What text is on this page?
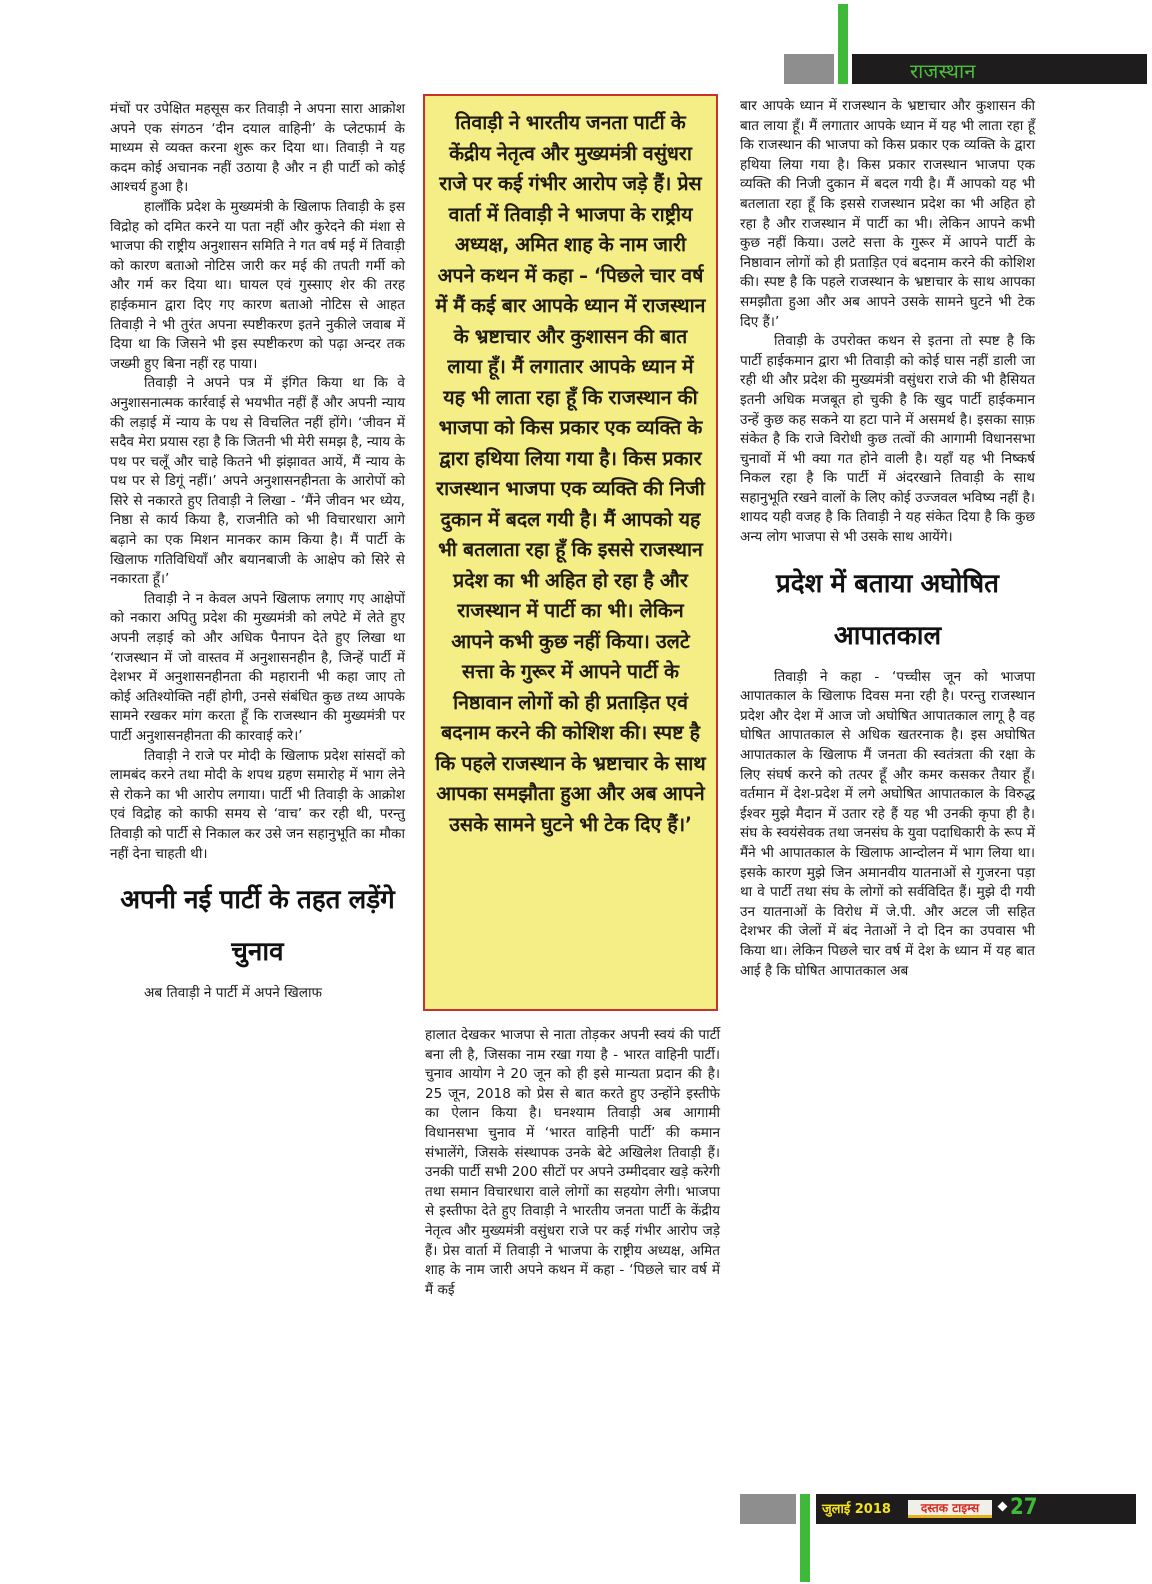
राजस्थान

मंचों पर उपेक्षित महसूस कर तिवाड़ी ने अपना सारा आक्रोश अपने एक संगठन ‘दीन दयाल वाहिनी’ के प्लेटफार्म के माध्यम से व्यक्त करना शुरू कर दिया था। तिवाड़ी ने यह कदम कोई अचानक नहीं उठाया है और न ही पार्टी को कोई आश्चर्य हुआ है।

हालाँकि प्रदेश के मुख्यमंत्री के खिलाफ तिवाड़ी के इस विद्रोह को दमित करने या पता नहीं और कुरेदने की मंशा से भाजपा की राष्ट्रीय अनुशासन समिति ने गत वर्ष मई में तिवाड़ी को कारण बताओ नोटिस जारी कर मई की तपती गर्मी को और गर्म कर दिया था। घायल एवं गुस्साए शेर की तरह हाईकमान द्वारा दिए गए कारण बताओ नोटिस से आहत तिवाड़ी ने भी तुरंत अपना स्पष्टीकरण इतने नुकीले जवाब में दिया था कि जिसने भी इस स्पष्टीकरण को पढ़ा अन्दर तक जख्मी हुए बिना नहीं रह पाया।

तिवाड़ी ने अपने पत्र में इंगित किया था कि वे अनुशासनात्मक कार्रवाई से भयभीत नहीं हैं और अपनी न्याय की लड़ाई में न्याय के पथ से विचलित नहीं होंगे। ‘जीवन में सदैव मेरा प्रयास रहा है कि जितनी भी मेरी समझ है, न्याय के पथ पर चलूँ और चाहे कितने भी झंझावत आयें, मैं न्याय के पथ पर से डिगूं नहीं।’ अपने अनुशासनहीनता के आरोपों को सिरे से नकारते हुए तिवाड़ी ने लिखा - ‘मैंने जीवन भर ध्येय, निष्ठा से कार्य किया है, राजनीति को भी विचारधारा आगे बढ़ाने का एक मिशन मानकर काम किया है। मैं पार्टी के खिलाफ गतिविधियाँ और बयानबाजी के आक्षेप को सिरे से नकारता हूँ।’

तिवाड़ी ने न केवल अपने खिलाफ लगाए गए आक्षेपों को नकारा अपितु प्रदेश की मुख्यमंत्री को लपेटे में लेते हुए अपनी लड़ाई को और अधिक पैनापन देते हुए लिखा था ‘राजस्थान में जो वास्तव में अनुशासनहीन है, जिन्हें पार्टी में देशभर में अनुशासनहीनता की महारानी भी कहा जाए तो कोई अतिश्योक्ति नहीं होगी, उनसे संबंधित कुछ तथ्य आपके सामने रखकर मांग करता हूँ कि राजस्थान की मुख्यमंत्री पर पार्टी अनुशासनहीनता की कारवाई करे।’

तिवाड़ी ने राजे पर मोदी के खिलाफ प्रदेश सांसदों को लामबंद करने तथा मोदी के शपथ ग्रहण समारोह में भाग लेने से रोकने का भी आरोप लगाया। पार्टी भी तिवाड़ी के आक्रोश एवं विद्रोह को काफी समय से ‘वाच’ कर रही थी, परन्तु तिवाड़ी को पार्टी से निकाल कर उसे जन सहानुभूति का मौका नहीं देना चाहती थी।

अपनी नई पार्टी के तहत लड़ेंगे चुनाव

अब तिवाड़ी ने पार्टी में अपने खिलाफ

तिवाड़ी ने भारतीय जनता पार्टी के केंद्रीय नेतृत्व और मुख्यमंत्री वसुंधरा राजे पर कई गंभीर आरोप जड़े हैं। प्रेस वार्ता में तिवाड़ी ने भाजपा के राष्ट्रीय अध्यक्ष, अमित शाह के नाम जारी अपने कथन में कहा – ‘पिछले चार वर्ष में मैं कई बार आपके ध्यान में राजस्थान के भ्रष्टाचार और कुशासन की बात लाया हूँ। मैं लगातार आपके ध्यान में यह भी लाता रहा हूँ कि राजस्थान की भाजपा को किस प्रकार एक व्यक्ति के द्वारा हथिया लिया गया है। किस प्रकार राजस्थान भाजपा एक व्यक्ति की निजी दुकान में बदल गयी है। मैं आपको यह भी बतलाता रहा हूँ कि इससे राजस्थान प्रदेश का भी अहित हो रहा है और राजस्थान में पार्टी का भी। लेकिन आपने कभी कुछ नहीं किया। उलटे सत्ता के गुरूर में आपने पार्टी के निष्ठावान लोगों को ही प्रताड़ित एवं बदनाम करने की कोशिश की। स्पष्ट है कि पहले राजस्थान के भ्रष्टाचार के साथ आपका समझौता हुआ और अब आपने उसके सामने घुटने भी टेक दिए हैं।’

हालात देखकर भाजपा से नाता तोड़कर अपनी स्वयं की पार्टी बना ली है, जिसका नाम रखा गया है - भारत वाहिनी पार्टी। चुनाव आयोग ने 20 जून को ही इसे मान्यता प्रदान की है। 25 जून, 2018 को प्रेस से बात करते हुए उन्होंने इस्तीफे का ऐलान किया है। घनश्याम तिवाड़ी अब आगामी विधानसभा चुनाव में ‘भारत वाहिनी पार्टी’ की कमान संभालेंगे, जिसके संस्थापक उनके बेटे अखिलेश तिवाड़ी हैं। उनकी पार्टी सभी 200 सीटों पर अपने उम्मीदवार खड़े करेगी तथा समान विचारधारा वाले लोगों का सहयोग लेगी। भाजपा से इस्तीफा देते हुए तिवाड़ी ने भारतीय जनता पार्टी के केंद्रीय नेतृत्व और मुख्यमंत्री वसुंधरा राजे पर कई गंभीर आरोप जड़े हैं। प्रेस वार्ता में तिवाड़ी ने भाजपा के राष्ट्रीय अध्यक्ष, अमित शाह के नाम जारी अपने कथन में कहा - ‘पिछले चार वर्ष में मैं कई

बार आपके ध्यान में राजस्थान के भ्रष्टाचार और कुशासन की बात लाया हूँ। मैं लगातार आपके ध्यान में यह भी लाता रहा हूँ कि राजस्थान की भाजपा को किस प्रकार एक व्यक्ति के द्वारा हथिया लिया गया है। किस प्रकार राजस्थान भाजपा एक व्यक्ति की निजी दुकान में बदल गयी है। मैं आपको यह भी बतलाता रहा हूँ कि इससे राजस्थान प्रदेश का भी अहित हो रहा है और राजस्थान में पार्टी का भी। लेकिन आपने कभी कुछ नहीं किया। उलटे सत्ता के गुरूर में आपने पार्टी के निष्ठावान लोगों को ही प्रताड़ित एवं बदनाम करने की कोशिश की। स्पष्ट है कि पहले राजस्थान के भ्रष्टाचार के साथ आपका समझौता हुआ और अब आपने उसके सामने घुटने भी टेक दिए हैं।’

तिवाड़ी के उपरोक्त कथन से इतना तो स्पष्ट है कि पार्टी हाईकमान द्वारा भी तिवाड़ी को कोई घास नहीं डाली जा रही थी और प्रदेश की मुख्यमंत्री वसुंधरा राजे की भी हैसियत इतनी अधिक मजबूत हो चुकी है कि खुद पार्टी हाईकमान उन्हें कुछ कह सकने या हटा पाने में असमर्थ है। इसका साफ़ संकेत है कि राजे विरोधी कुछ तत्वों की आगामी विधानसभा चुनावों में भी क्या गत होने वाली है। यहाँ यह भी निष्कर्ष निकल रहा है कि पार्टी में अंदरखाने तिवाड़ी के साथ सहानुभूति रखने वालों के लिए कोई उज्जवल भविष्य नहीं है। शायद यही वजह है कि तिवाड़ी ने यह संकेत दिया है कि कुछ अन्य लोग भाजपा से भी उसके साथ आयेंगे।

प्रदेश में बताया अघोषित आपातकाल

तिवाड़ी ने कहा - ‘पच्चीस जून को भाजपा आपातकाल के खिलाफ दिवस मना रही है। परन्तु राजस्थान प्रदेश और देश में आज जो अघोषित आपातकाल लागू है वह घोषित आपातकाल से अधिक खतरनाक है। इस अघोषित आपातकाल के खिलाफ मैं जनता की स्वतंत्रता की रक्षा के लिए संघर्ष करने को तत्पर हूँ और कमर कसकर तैयार हूँ। वर्तमान में देश-प्रदेश में लगे अघोषित आपातकाल के विरुद्ध ईश्वर मुझे मैदान में उतार रहे हैं यह भी उनकी कृपा ही है। संघ के स्वयंसेवक तथा जनसंघ के युवा पदाधिकारी के रूप में मैंने भी आपातकाल के खिलाफ आन्दोलन में भाग लिया था। इसके कारण मुझे जिन अमानवीय यातनाओं से गुजरना पड़ा था वे पार्टी तथा संघ के लोगों को सर्वविदित हैं। मुझे दी गयी उन यातनाओं के विरोध में जे.पी. और अटल जी सहित देशभर की जेलों में बंद नेताओं ने दो दिन का उपवास भी किया था। लेकिन पिछले चार वर्ष में देश के ध्यान में यह बात आई है कि घोषित आपातकाल अब

जुलाई 2018	दस्तक टाइम्स	27
